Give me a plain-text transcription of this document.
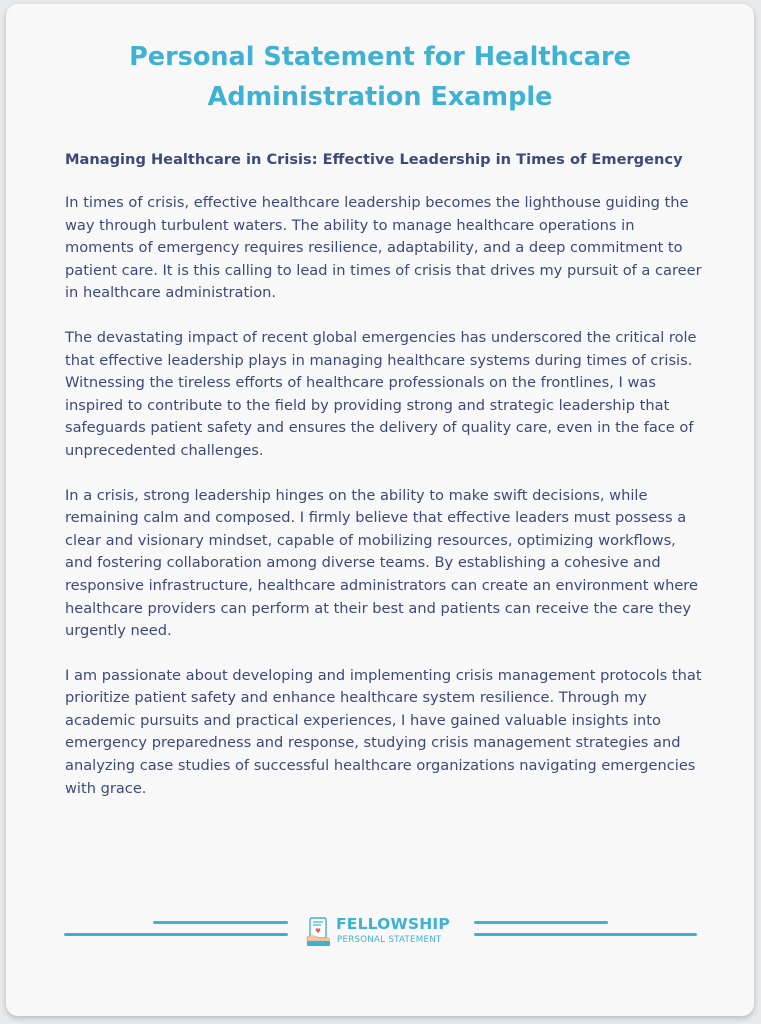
Personal Statement for Healthcare Administration Example

Managing Healthcare in Crisis: Effective Leadership in Times of Emergency

In times of crisis, effective healthcare leadership becomes the lighthouse guiding the way through turbulent waters. The ability to manage healthcare operations in moments of emergency requires resilience, adaptability, and a deep commitment to patient care. It is this calling to lead in times of crisis that drives my pursuit of a career in healthcare administration.

The devastating impact of recent global emergencies has underscored the critical role that effective leadership plays in managing healthcare systems during times of crisis. Witnessing the tireless efforts of healthcare professionals on the frontlines, I was inspired to contribute to the field by providing strong and strategic leadership that safeguards patient safety and ensures the delivery of quality care, even in the face of unprecedented challenges.

In a crisis, strong leadership hinges on the ability to make swift decisions, while remaining calm and composed. I firmly believe that effective leaders must possess a clear and visionary mindset, capable of mobilizing resources, optimizing workflows, and fostering collaboration among diverse teams. By establishing a cohesive and responsive infrastructure, healthcare administrators can create an environment where healthcare providers can perform at their best and patients can receive the care they urgently need.

I am passionate about developing and implementing crisis management protocols that prioritize patient safety and enhance healthcare system resilience. Through my academic pursuits and practical experiences, I have gained valuable insights into emergency preparedness and response, studying crisis management strategies and analyzing case studies of successful healthcare organizations navigating emergencies with grace.

FELLOWSHIP
PERSONAL STATEMENT
